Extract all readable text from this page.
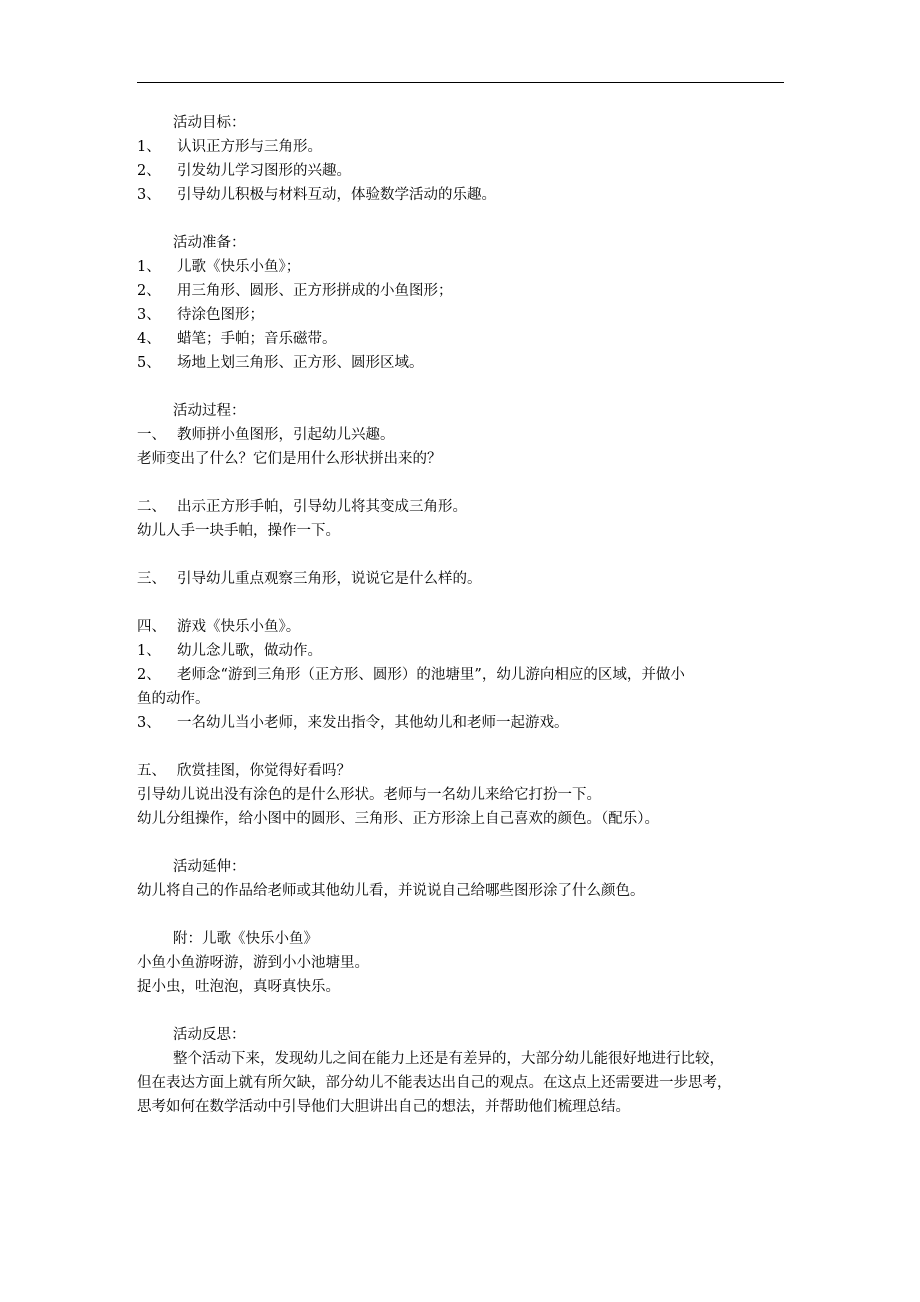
活动目标：
1、 认识正方形与三角形。
2、 引发幼儿学习图形的兴趣。
3、 引导幼儿积极与材料互动，体验数学活动的乐趣。
活动准备：
1、 儿歌《快乐小鱼》；
2、 用三角形、圆形、正方形拼成的小鱼图形；
3、 待涂色图形；
4、 蜡笔；手帕；音乐磁带。
5、 场地上划三角形、正方形、圆形区域。
活动过程：
一、 教师拼小鱼图形，引起幼儿兴趣。
老师变出了什么？它们是用什么形状拼出来的？
二、 出示正方形手帕，引导幼儿将其变成三角形。
幼儿人手一块手帕，操作一下。
三、 引导幼儿重点观察三角形，说说它是什么样的。
四、 游戏《快乐小鱼》。
1、 幼儿念儿歌，做动作。
2、 老师念“游到三角形（正方形、圆形）的池塘里”，幼儿游向相应的区域，并做小
鱼的动作。
3、 一名幼儿当小老师，来发出指令，其他幼儿和老师一起游戏。
五、 欣赏挂图，你觉得好看吗？
引导幼儿说出没有涂色的是什么形状。老师与一名幼儿来给它打扮一下。
幼儿分组操作，给小图中的圆形、三角形、正方形涂上自己喜欢的颜色。（配乐）。
活动延伸：
幼儿将自己的作品给老师或其他幼儿看，并说说自己给哪些图形涂了什么颜色。
附：儿歌《快乐小鱼》
小鱼小鱼游呀游，游到小小池塘里。
捉小虫，吐泡泡，真呀真快乐。
活动反思：
整个活动下来，发现幼儿之间在能力上还是有差异的，大部分幼儿能很好地进行比较，
但在表达方面上就有所欠缺，部分幼儿不能表达出自己的观点。在这点上还需要进一步思考，
思考如何在数学活动中引导他们大胆讲出自己的想法，并帮助他们梳理总结。
